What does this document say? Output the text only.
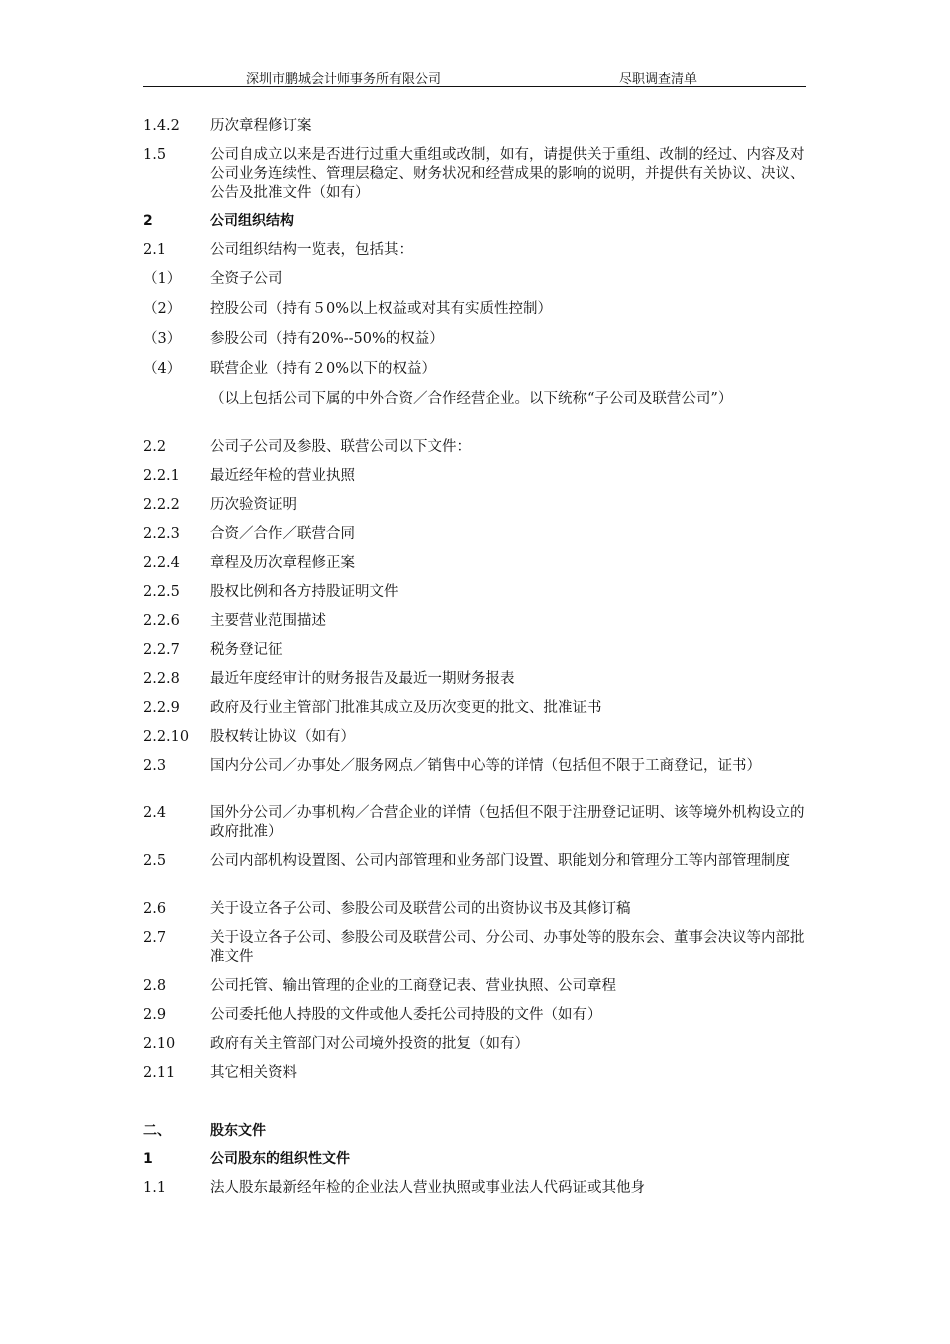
深圳市鹏城会计师事务所有限公司	尽职调查清单
1.4.2 历次章程修订案
1.5	公司自成立以来是否进行过重大重组或改制，如有，请提供关于重组、改制的经过、内容及对公司业务连续性、管理层稳定、财务状况和经营成果的影响的说明，并提供有关协议、决议、公告及批准文件（如有）
2	公司组织结构
2.1	公司组织结构一览表，包括其：
（1） 全资子公司
（2） 控股公司（持有５0%以上权益或对其有实质性控制）
（3） 参股公司（持有20%--50%的权益）
（4） 联营企业（持有２0%以下的权益）
（以上包括公司下属的中外合资／合作经营企业。以下统称“子公司及联营公司”）
2.2	公司子公司及参股、联营公司以下文件：
2.2.1 最近经年检的营业执照
2.2.2 历次验资证明
2.2.3 合资／合作／联营合同
2.2.4 章程及历次章程修正案
2.2.5 股权比例和各方持股证明文件
2.2.6 主要营业范围描述
2.2.7 税务登记征
2.2.8 最近年度经审计的财务报告及最近一期财务报表
2.2.9 政府及行业主管部门批准其成立及历次变更的批文、批准证书
2.2.10 股权转让协议（如有）
2.3	国内分公司／办事处／服务网点／销售中心等的详情（包括但不限于工商登记，证书）
2.4	国外分公司／办事机构／合营企业的详情（包括但不限于注册登记证明、该等境外机构设立的政府批准）
2.5	公司内部机构设置图、公司内部管理和业务部门设置、职能划分和管理分工等内部管理制度
2.6	关于设立各子公司、参股公司及联营公司的出资协议书及其修订稿
2.7	关于设立各子公司、参股公司及联营公司、分公司、办事处等的股东会、董事会决议等内部批准文件
2.8	公司托管、输出管理的企业的工商登记表、营业执照、公司章程
2.9	公司委托他人持股的文件或他人委托公司持股的文件（如有）
2.10 政府有关主管部门对公司境外投资的批复（如有）
2.11 其它相关资料
二、	股东文件
1	公司股东的组织性文件
1.1	法人股东最新经年检的企业法人营业执照或事业法人代码证或其他身
